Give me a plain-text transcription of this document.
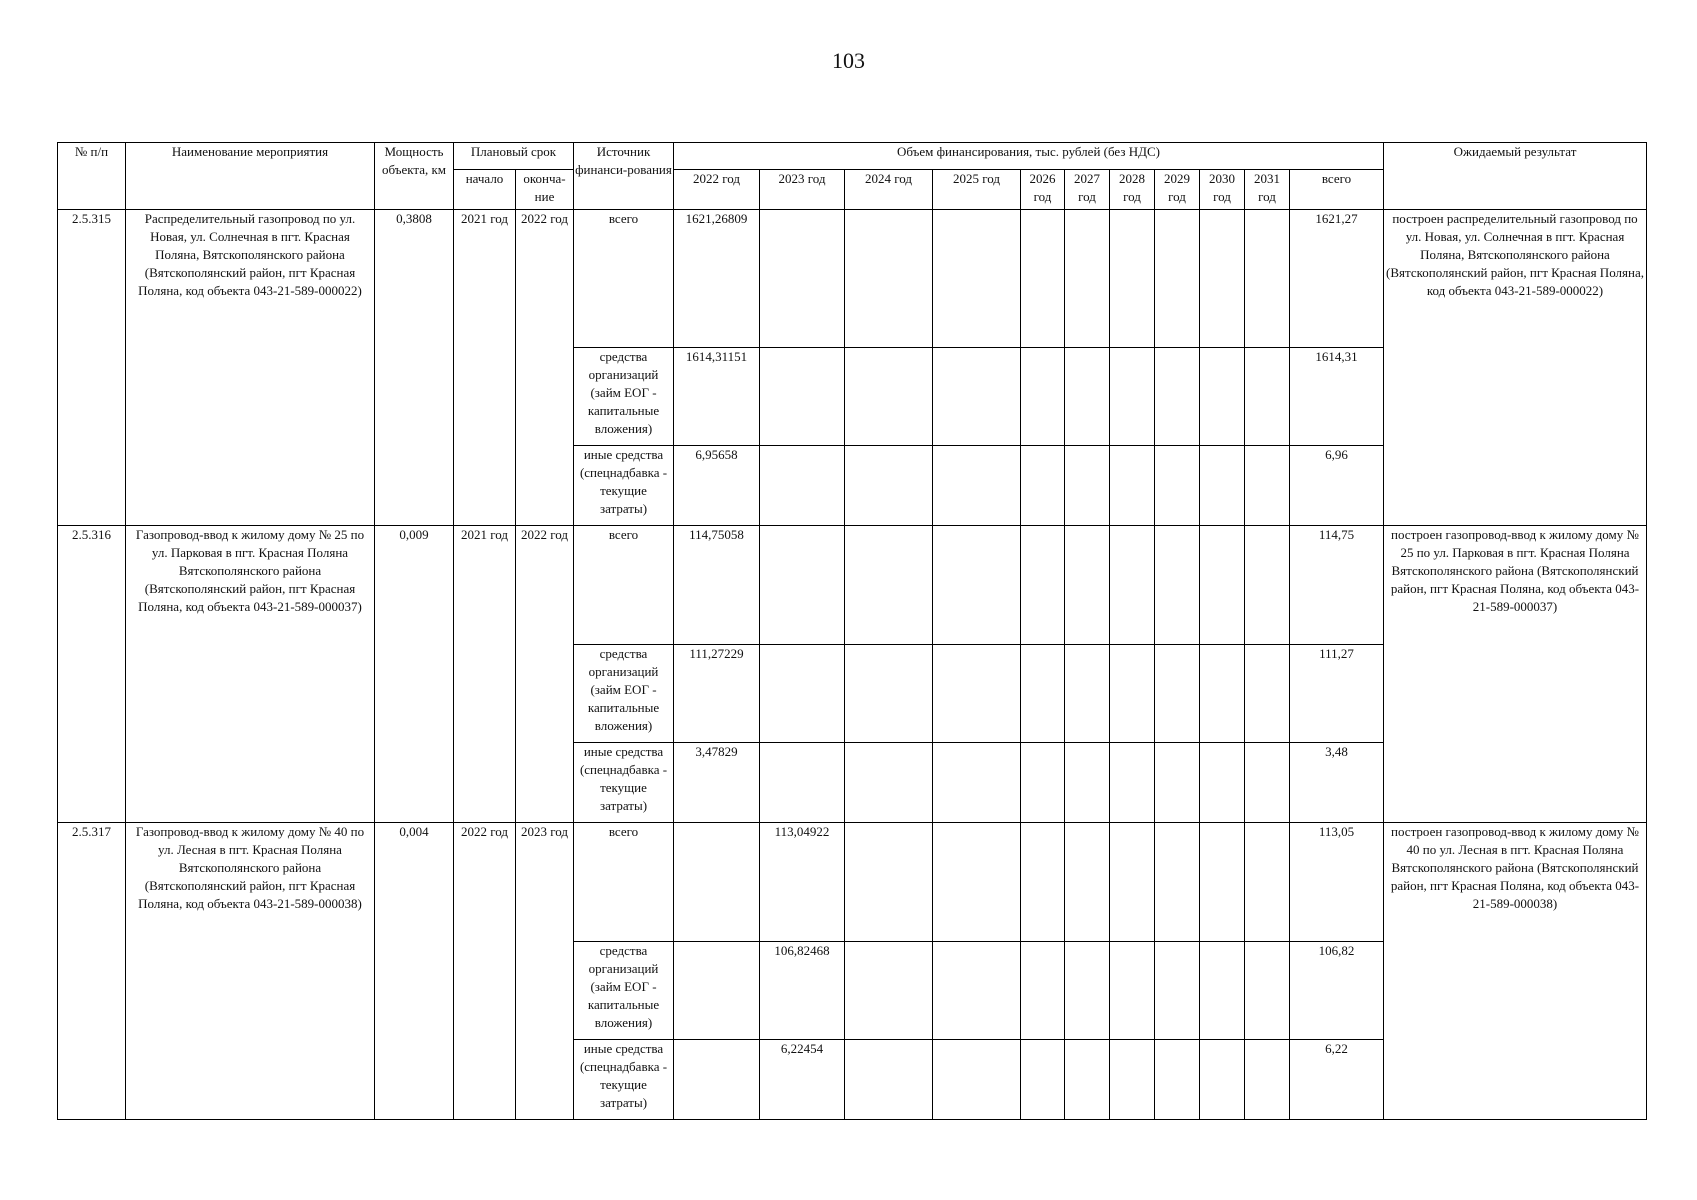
103
№ п/п	Наименование мероприятия	Мощность объекта, км	Плановый срок		Источник финанси-рования	Объем финансирования, тыс. рублей (без НДС)											Ожидаемый результат
			начало	оконча-ние		2022 год	2023 год	2024 год	2025 год	2026 год	2027 год	2028 год	2029 год	2030 год	2031 год	всего	
2.5.315	Распределительный газопровод по ул. Новая, ул. Солнечная в пгт. Красная Поляна, Вятскополянского района (Вятскополянский район, пгт Красная Поляна, код объекта 043-21-589-000022)	0,3808	2021 год	2022 год	всего	1621,26809										1621,27	построен распределительный газопровод по ул. Новая, ул. Солнечная в пгт. Красная Поляна, Вятскополянского района (Вятскополянский район, пгт Красная Поляна, код объекта 043-21-589-000022)
					средства организаций (займ ЕОГ - капитальные вложения)	1614,31151										1614,31	
					иные средства (спецнадбавка - текущие затраты)	6,95658										6,96	
2.5.316	Газопровод-ввод к жилому дому № 25 по ул. Парковая в пгт. Красная Поляна Вятскополянского района (Вятскополянский район, пгт Красная Поляна, код объекта 043-21-589-000037)	0,009	2021 год	2022 год	всего	114,75058										114,75	построен газопровод-ввод к жилому дому № 25 по ул. Парковая в пгт. Красная Поляна Вятскополянского района (Вятскополянский район, пгт Красная Поляна, код объекта 043-21-589-000037)
					средства организаций (займ ЕОГ - капитальные вложения)	111,27229										111,27	
					иные средства (спецнадбавка - текущие затраты)	3,47829										3,48	
2.5.317	Газопровод-ввод к жилому дому № 40 по ул. Лесная в пгт. Красная Поляна Вятскополянского района (Вятскополянский район, пгт Красная Поляна, код объекта 043-21-589-000038)	0,004	2022 год	2023 год	всего		113,04922									113,05	построен газопровод-ввод к жилому дому № 40 по ул. Лесная в пгт. Красная Поляна Вятскополянского района (Вятскополянский район, пгт Красная Поляна, код объекта 043-21-589-000038)
					средства организаций (займ ЕОГ - капитальные вложения)		106,82468									106,82	
					иные средства (спецнадбавка - текущие затраты)		6,22454									6,22	
